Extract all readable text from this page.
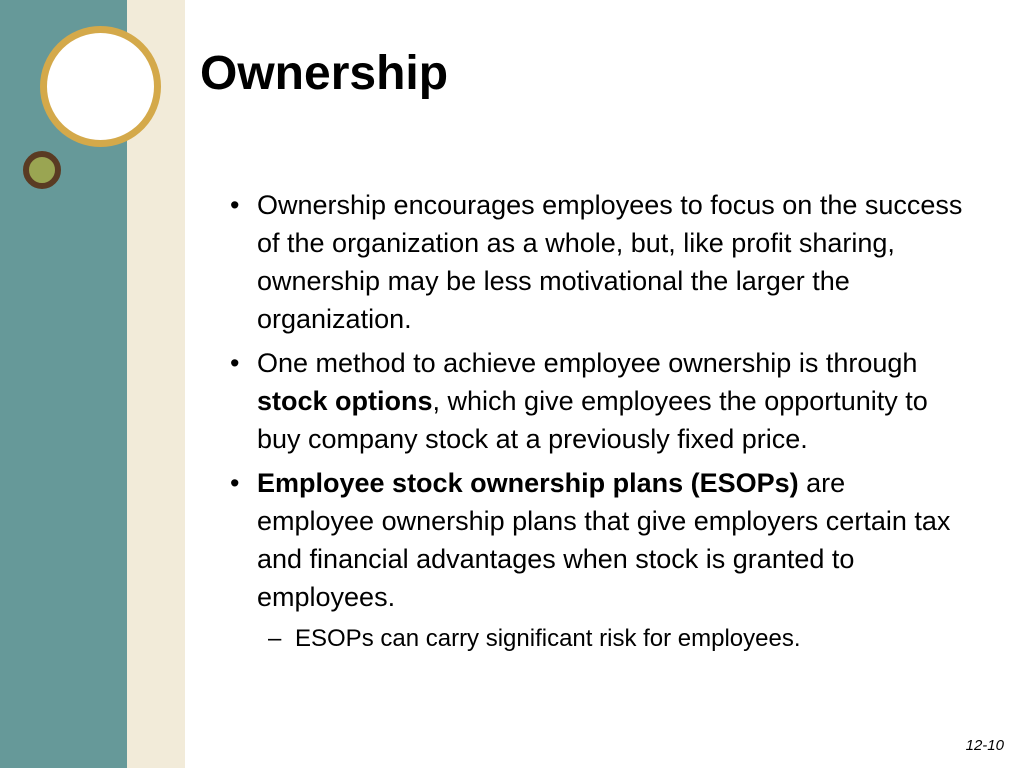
Ownership
• Ownership encourages employees to focus on the success of the organization as a whole, but, like profit sharing, ownership may be less motivational the larger the organization.
• One method to achieve employee ownership is through stock options, which give employees the opportunity to buy company stock at a previously fixed price.
• Employee stock ownership plans (ESOPs) are employee ownership plans that give employers certain tax and financial advantages when stock is granted to employees.
– ESOPs can carry significant risk for employees.
12-10
